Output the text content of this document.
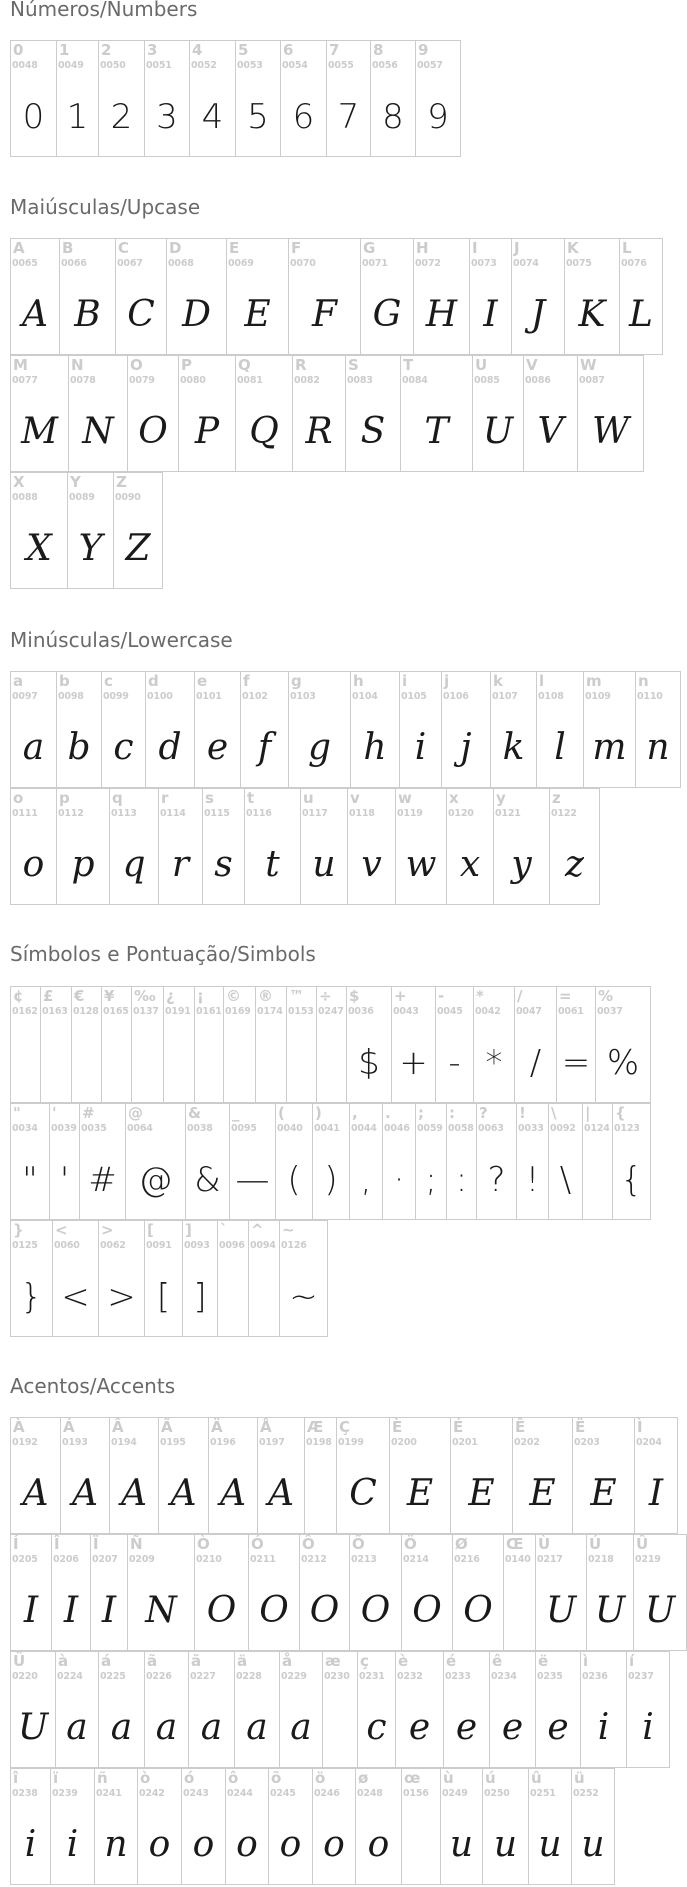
Números/Numbers
0
0048
0
1
0049
1
2
0050
2
3
0051
3
4
0052
4
5
0053
5
6
0054
6
7
0055
7
8
0056
8
9
0057
9
Maiúsculas/Upcase
A
0065
A
B
0066
B
C
0067
C
D
0068
D
E
0069
E
F
0070
F
G
0071
G
H
0072
H
I
0073
I
J
0074
J
K
0075
K
L
0076
L
M
0077
M
N
0078
N
O
0079
O
P
0080
P
Q
0081
Q
R
0082
R
S
0083
S
T
0084
T
U
0085
U
V
0086
V
W
0087
W
X
0088
X
Y
0089
Y
Z
0090
Z
Minúsculas/Lowercase
a
0097
a
b
0098
b
c
0099
c
d
0100
d
e
0101
e
f
0102
f
g
0103
g
h
0104
h
i
0105
i
j
0106
j
k
0107
k
l
0108
l
m
0109
m
n
0110
n
o
0111
o
p
0112
p
q
0113
q
r
0114
r
s
0115
s
t
0116
t
u
0117
u
v
0118
v
w
0119
w
x
0120
x
y
0121
y
z
0122
z
Símbolos e Pontuação/Simbols
¢
0162
£
0163
€
0128
¥
0165
‰
0137
¿
0191
¡
0161
©
0169
®
0174
™
0153
÷
0247
$
0036
$
+
0043
+
-
0045
-
*
0042
*
/
0047
/
=
0061
=
%
0037
%
"
0034
"
'
0039
'
#
0035
#
@
0064
@
&
0038
&
_
0095
—
(
0040
(
)
0041
)
,
0044
,
.
0046
·
;
0059
;
:
0058
:
?
0063
?
!
0033
!
\
0092
\
|
0124
{
0123
{
}
0125
}
<
0060
<
>
0062
>
[
0091
[
]
0093
]
`
0096
^
0094
~
0126
~
Acentos/Accents
À
0192
A
Á
0193
A
Â
0194
A
Ã
0195
A
Ä
0196
A
Å
0197
A
Æ
0198
Ç
0199
C
È
0200
E
É
0201
E
Ê
0202
E
Ë
0203
E
Ì
0204
I
Í
0205
I
Î
0206
I
Ï
0207
I
Ñ
0209
N
Ò
0210
O
Ó
0211
O
Ô
0212
O
Õ
0213
O
Ö
0214
O
Ø
0216
O
Œ
0140
Ù
0217
U
Ú
0218
U
Û
0219
U
Ü
0220
U
à
0224
a
á
0225
a
ã
0226
a
ã
0227
a
ä
0228
a
å
0229
a
æ
0230
ç
0231
c
è
0232
e
é
0233
e
ê
0234
e
ë
0235
e
ì
0236
i
í
0237
i
î
0238
i
ï
0239
i
ñ
0241
n
ò
0242
o
ó
0243
o
ô
0244
o
õ
0245
o
ö
0246
o
ø
0248
o
œ
0156
ù
0249
u
ú
0250
u
û
0251
u
ü
0252
u
